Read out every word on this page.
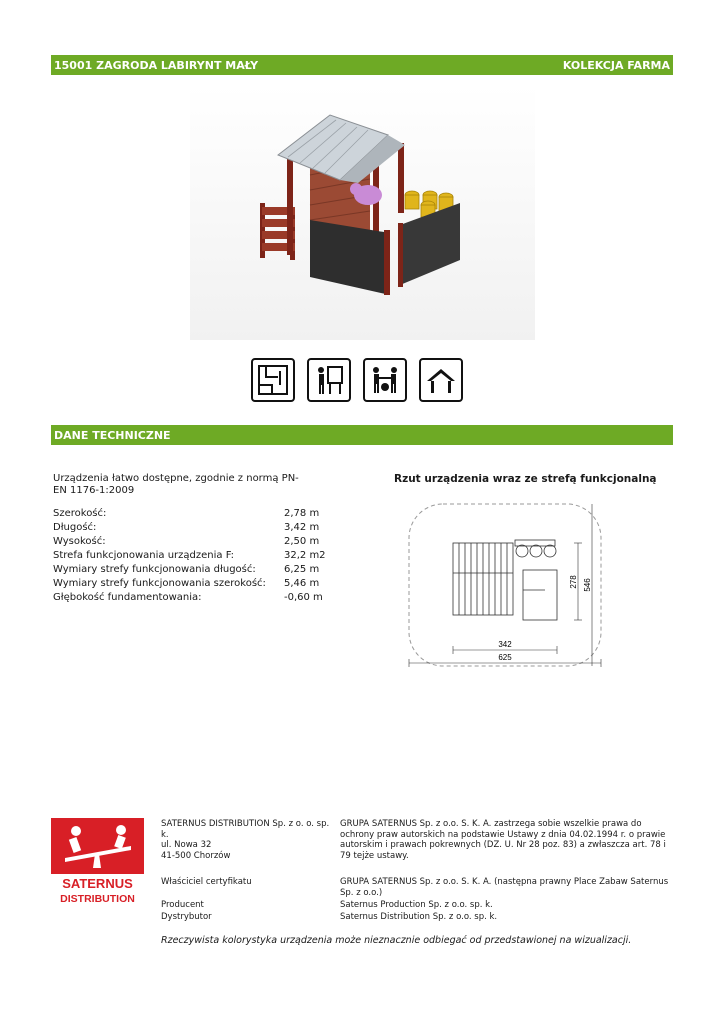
15001 ZAGRODA LABIRYNT MAŁY	KOLEKCJA FARMA
DANE TECHNICZNE
Urządzenia łatwo dostępne, zgodnie z normą PN-EN 1176-1:2009
Szerokość:	2,78 m
Długość:	3,42 m
Wysokość:	2,50 m
Strefa funkcjonowania urządzenia F:	32,2 m2
Wymiary strefy funkcjonowania długość:	6,25 m
Wymiary strefy funkcjonowania szerokość:	5,46 m
Głębokość fundamentowania:	-0,60 m
Rzut urządzenia wraz ze strefą funkcjonalną
342
625
278 546
SATERNUS
DISTRIBUTION
SATERNUS DISTRIBUTION Sp. z o. o. sp. k.
ul. Nowa 32
41-500 Chorzów
GRUPA SATERNUS Sp. z o.o. S. K. A. zastrzega sobie wszelkie prawa do ochrony praw autorskich na podstawie Ustawy z dnia 04.02.1994 r. o prawie autorskim i prawach pokrewnych (DZ. U. Nr 28 poz. 83) a zwłaszcza art. 78 i 79 tejże ustawy.
Właściciel certyfikatu	GRUPA SATERNUS Sp. z o.o. S. K. A. (następna prawny Place Zabaw Saternus Sp. z o.o.)
Producent	Saternus Production Sp. z o.o. sp. k.
Dystrybutor	Saternus Distribution Sp. z o.o. sp. k.
Rzeczywista kolorystyka urządzenia może nieznacznie odbiegać od przedstawionej na wizualizacji.
